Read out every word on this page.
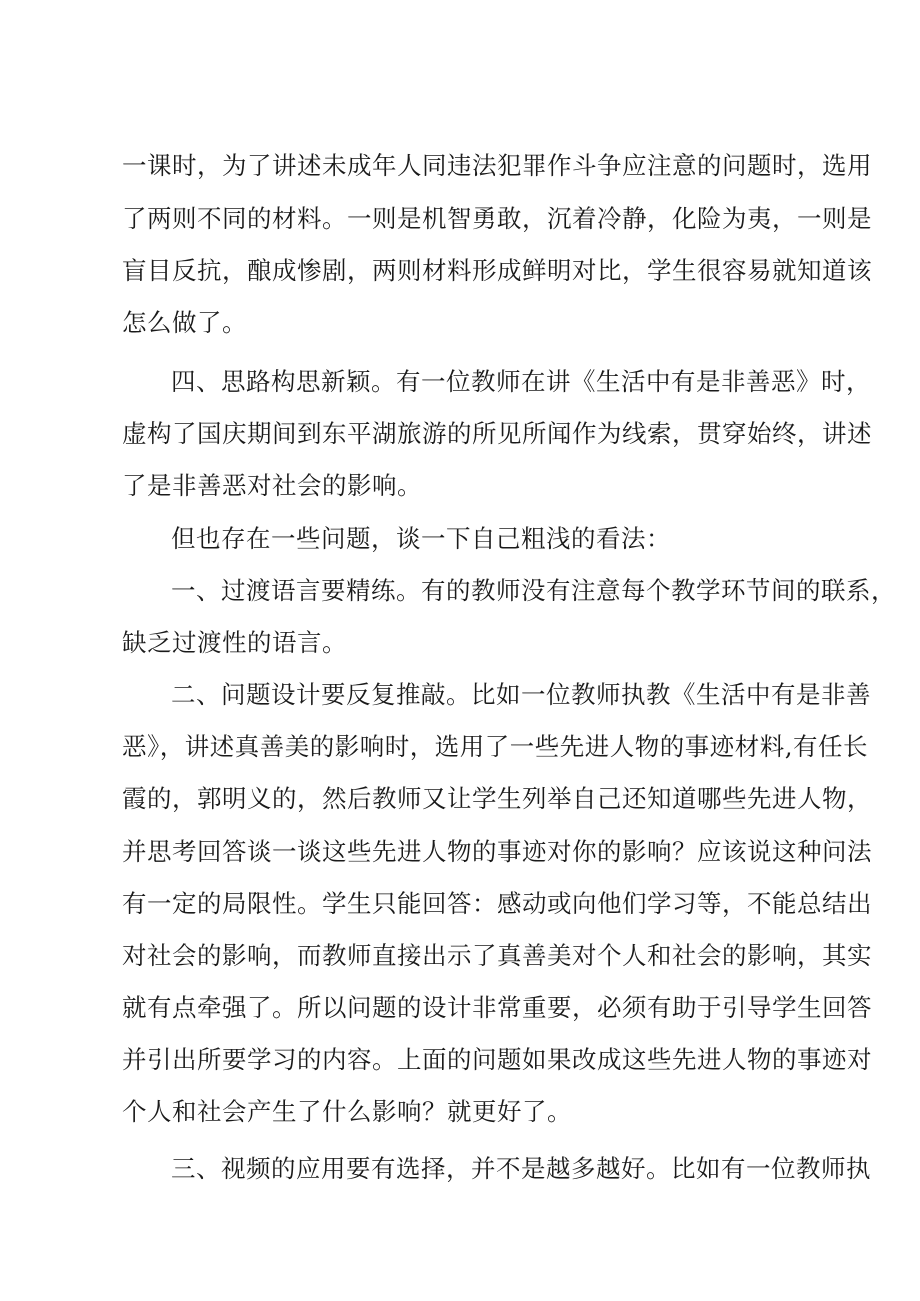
一课时，为了讲述未成年人同违法犯罪作斗争应注意的问题时，选用
了两则不同的材料。一则是机智勇敢，沉着冷静，化险为夷，一则是
盲目反抗，酿成惨剧，两则材料形成鲜明对比，学生很容易就知道该
怎么做了。
四、思路构思新颖。有一位教师在讲《生活中有是非善恶》时，
虚构了国庆期间到东平湖旅游的所见所闻作为线索，贯穿始终，讲述
了是非善恶对社会的影响。
但也存在一些问题，谈一下自己粗浅的看法：
一、过渡语言要精练。有的教师没有注意每个教学环节间的联系，
缺乏过渡性的语言。
二、问题设计要反复推敲。比如一位教师执教《生活中有是非善
恶》，讲述真善美的影响时，选用了一些先进人物的事迹材料,有任长
霞的，郭明义的，然后教师又让学生列举自己还知道哪些先进人物，
并思考回答谈一谈这些先进人物的事迹对你的影响？应该说这种问法
有一定的局限性。学生只能回答：感动或向他们学习等，不能总结出
对社会的影响，而教师直接出示了真善美对个人和社会的影响，其实
就有点牵强了。所以问题的设计非常重要，必须有助于引导学生回答
并引出所要学习的内容。上面的问题如果改成这些先进人物的事迹对
个人和社会产生了什么影响？就更好了。
三、视频的应用要有选择，并不是越多越好。比如有一位教师执
